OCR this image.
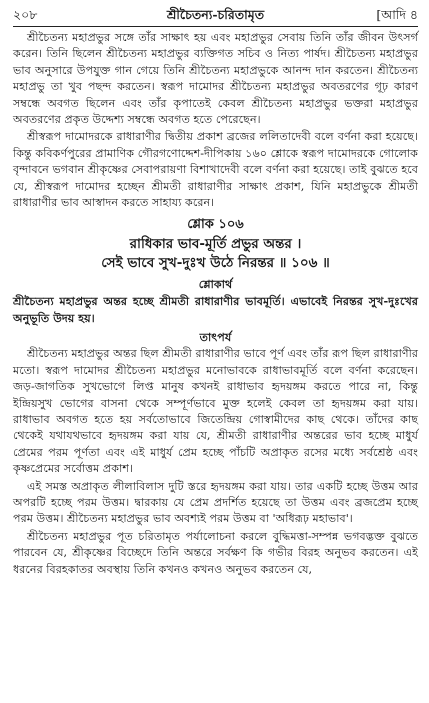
২০৮	শ্রীচৈতন্য-চরিতামৃত	[আদি ৪

শ্রীচৈতন্য মহাপ্রভুর সঙ্গে তাঁর সাক্ষাৎ হয় এবং মহাপ্রভুর সেবায় তিনি তাঁর জীবন উৎসর্গ করেন। তিনি ছিলেন শ্রীচৈতন্য মহাপ্রভুর ব্যক্তিগত সচিব ও নিত্য পার্ষদ। শ্রীচৈতন্য মহাপ্রভুর ভাব অনুসারে উপযুক্ত গান গেয়ে তিনি শ্রীচৈতন্য মহাপ্রভুকে আনন্দ দান করতেন। শ্রীচৈতন্য মহাপ্রভু তা খুব পছন্দ করতেন। স্বরূপ দামোদর শ্রীচৈতন্য মহাপ্রভুর অবতরণের গূঢ় কারণ সম্বন্ধে অবগত ছিলেন এবং তাঁর কৃপাতেই কেবল শ্রীচৈতন্য মহাপ্রভুর ভক্তরা মহাপ্রভুর অবতরণের প্রকৃত উদ্দেশ্য সম্বন্ধে অবগত হতে পেরেছেন।

শ্রীস্বরূপ দামোদরকে রাধারাণীর দ্বিতীয় প্রকাশ ব্রজের ললিতাদেবী বলে বর্ণনা করা হয়েছে। কিন্তু কবিকর্ণপুরের প্রামাণিক গৌরগণোদ্দেশ-দীপিকায় ১৬০ শ্লোকে স্বরূপ দামোদরকে গোলোক বৃন্দাবনে ভগবান শ্রীকৃষ্ণের সেবাপরায়ণা বিশাখাদেবী বলে বর্ণনা করা হয়েছে। তাই বুঝতে হবে যে, শ্রীস্বরূপ দামোদর হচ্ছেন শ্রীমতী রাধারাণীর সাক্ষাৎ প্রকাশ, যিনি মহাপ্রভুকে শ্রীমতী রাধারাণীর ভাব আস্বাদন করতে সাহায্য করেন।

শ্লোক ১০৬
রাধিকার ভাব-মূর্তি প্রভুর অন্তর ।
সেই ভাবে সুখ-দুঃখ উঠে নিরন্তর ॥ ১০৬ ॥
শ্লোকার্থ

শ্রীচৈতন্য মহাপ্রভুর অন্তর হচ্ছে শ্রীমতী রাধারাণীর ভাবমূর্তি। এভাবেই নিরন্তর সুখ-দুঃখের অনুভূতি উদয় হয়।

তাৎপর্য

শ্রীচৈতন্য মহাপ্রভুর অন্তর ছিল শ্রীমতী রাধারাণীর ভাবে পূর্ণ এবং তাঁর রূপ ছিল রাধারাণীর মতো। স্বরূপ দামোদর শ্রীচৈতন্য মহাপ্রভুর মনোভাবকে রাধাভাবমূর্তি বলে বর্ণনা করেছেন। জড়-জাগতিক সুখভোগে লিপ্ত মানুষ কখনই রাধাভাব হৃদয়ঙ্গম করতে পারে না, কিন্তু ইন্দ্রিয়সুখ ভোগের বাসনা থেকে সম্পূর্ণভাবে মুক্ত হলেই কেবল তা হৃদয়ঙ্গম করা যায়। রাধাভাব অবগত হতে হয় সর্বতোভাবে জিতেন্দ্রিয় গোস্বামীদের কাছ থেকে। তাঁদের কাছ থেকেই যথাযথভাবে হৃদয়ঙ্গম করা যায় যে, শ্রীমতী রাধারাণীর অন্তরের ভাব হচ্ছে মাধুর্য প্রেমের পরম পূর্ণতা এবং এই মাধুর্য প্রেম হচ্ছে পাঁচটি অপ্রাকৃত রসের মধ্যে সর্বশ্রেষ্ঠ এবং কৃষ্ণপ্রেমের সর্বোত্তম প্রকাশ।

এই সমস্ত অপ্রাকৃত লীলাবিলাস দুটি স্তরে হৃদয়ঙ্গম করা যায়। তার একটি হচ্ছে উত্তম আর অপরটি হচ্ছে পরম উত্তম। দ্বারকায় যে প্রেম প্রদর্শিত হয়েছে তা উত্তম এবং ব্রজপ্রেম হচ্ছে পরম উত্তম। শ্রীচৈতন্য মহাপ্রভুর ভাব অবশ্যই পরম উত্তম বা 'অধিরূঢ় মহাভাব'।

শ্রীচৈতন্য মহাপ্রভুর পূত চরিতামৃত পর্যালোচনা করলে বুদ্ধিমত্তা-সম্পন্ন ভগবদ্ভক্ত বুঝতে পারবেন যে, শ্রীকৃষ্ণের বিচ্ছেদে তিনি অন্তরে সর্বক্ষণ কি গভীর বিরহ অনুভব করতেন। এই ধরনের বিরহকাতর অবস্থায় তিনি কখনও কখনও অনুভব করতেন যে,
